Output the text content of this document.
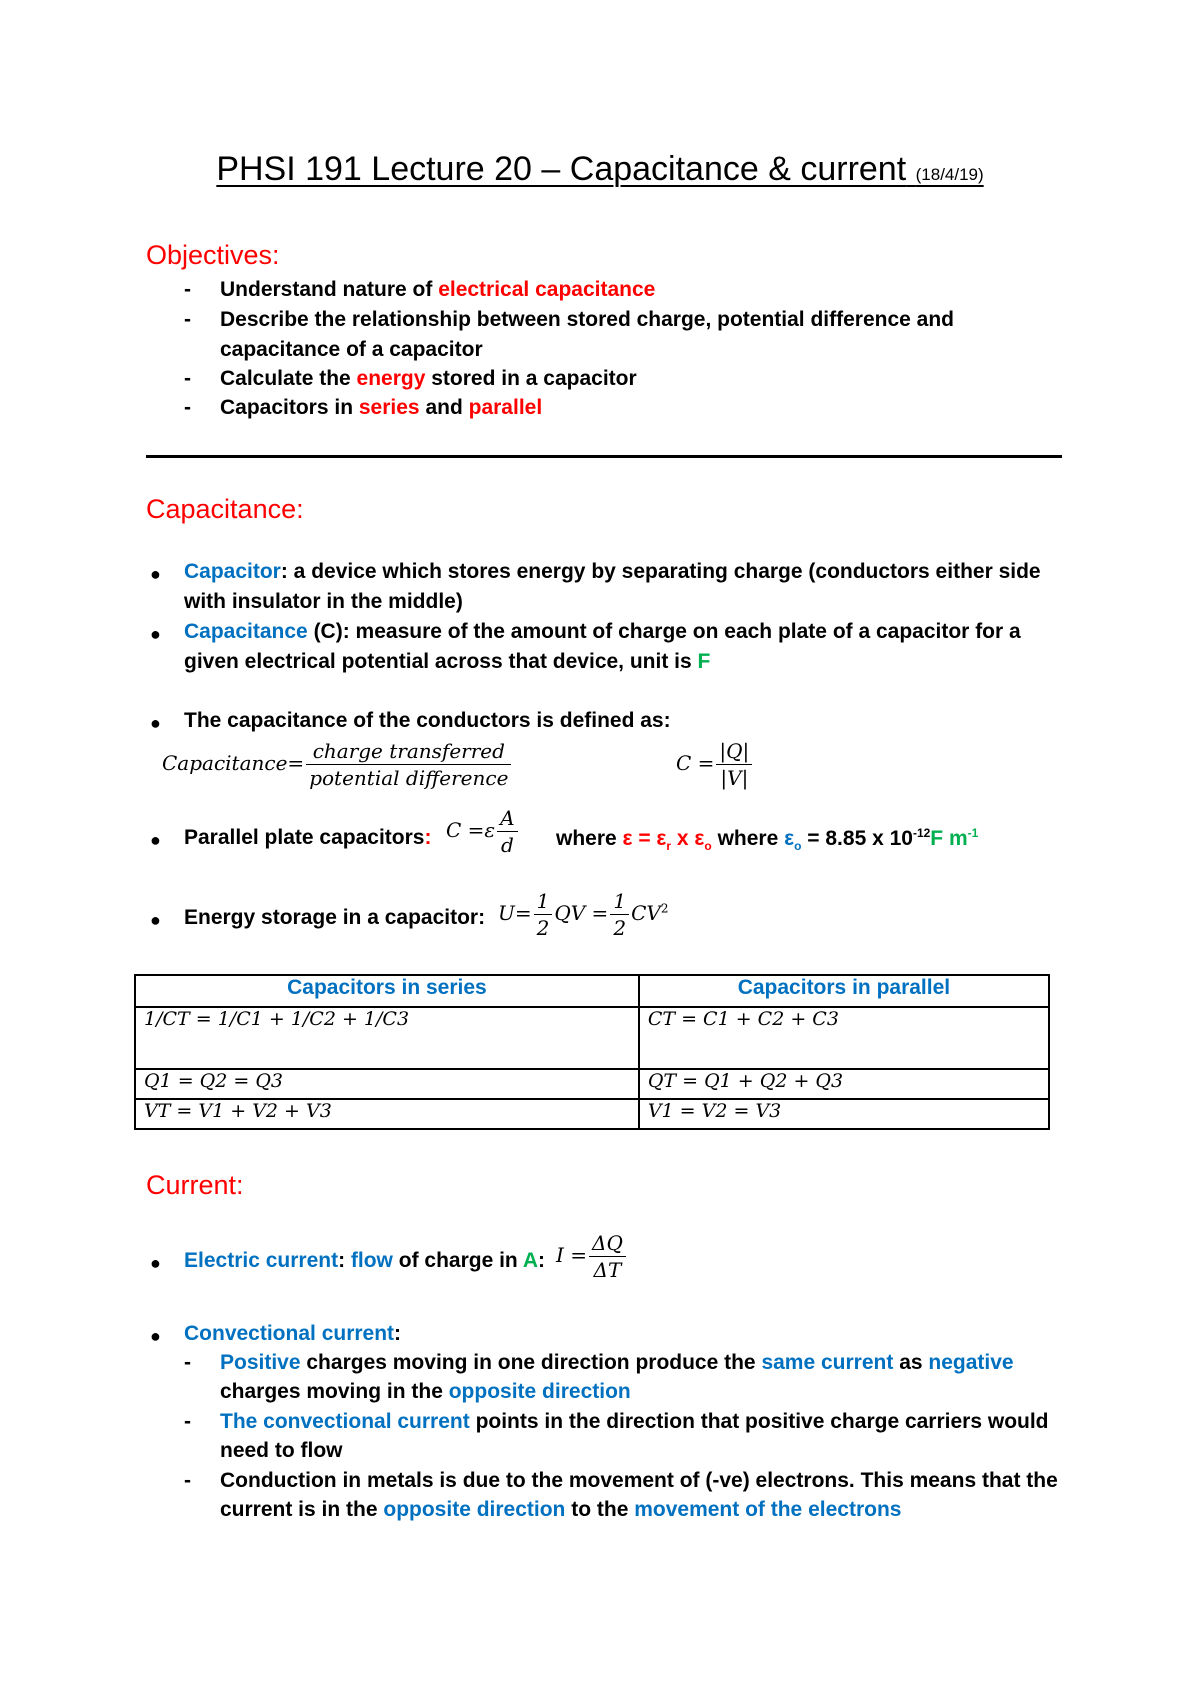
PHSI 191 Lecture 20 – Capacitance & current (18/4/19)
Objectives:
- Understand nature of electrical capacitance
- Describe the relationship between stored charge, potential difference and
capacitance of a capacitor
- Calculate the energy stored in a capacitor
- Capacitors in series and parallel
Capacitance:
● Capacitor: a device which stores energy by separating charge (conductors either side
with insulator in the middle)
● Capacitance (C): measure of the amount of charge on each plate of a capacitor for a
given electrical potential across that device, unit is F
● The capacitance of the conductors is defined as:
Capacitance= $\frac{\text{charge transferred}}{\text{potential difference}}$	$C = \frac{|Q|}{|V|}$
● Parallel plate capacitors: $C =\varepsilon \frac{A}{d}$ where $\varepsilon = \varepsilon_r$ x $\varepsilon_o$ where $\varepsilon_o = 8.85$ x $10^{-12}F$ $m^{-1}$
● Energy storage in a capacitor: $U= \frac{1}{2}$ QV = $\frac{1}{2} CV^2$
Capacitors in series	Capacitors in parallel
1/CT = 1/C1 + 1/C2 + 1/C3	CT = C1 + C2 + C3
Q1 = Q2 = Q3	QT = Q1 + Q2 + Q3
VT = V1 + V2 + V3	V1 = V2 = V3
Current:
● Electric current: flow of charge in A: $I = \frac{\Delta Q}{\Delta T}$
● Convectional current:
- Positive charges moving in one direction produce the same current as negative
charges moving in the opposite direction
- The convectional current points in the direction that positive charge carriers would
need to flow
- Conduction in metals is due to the movement of (-ve) electrons. This means that the
current is in the opposite direction to the movement of the electrons
